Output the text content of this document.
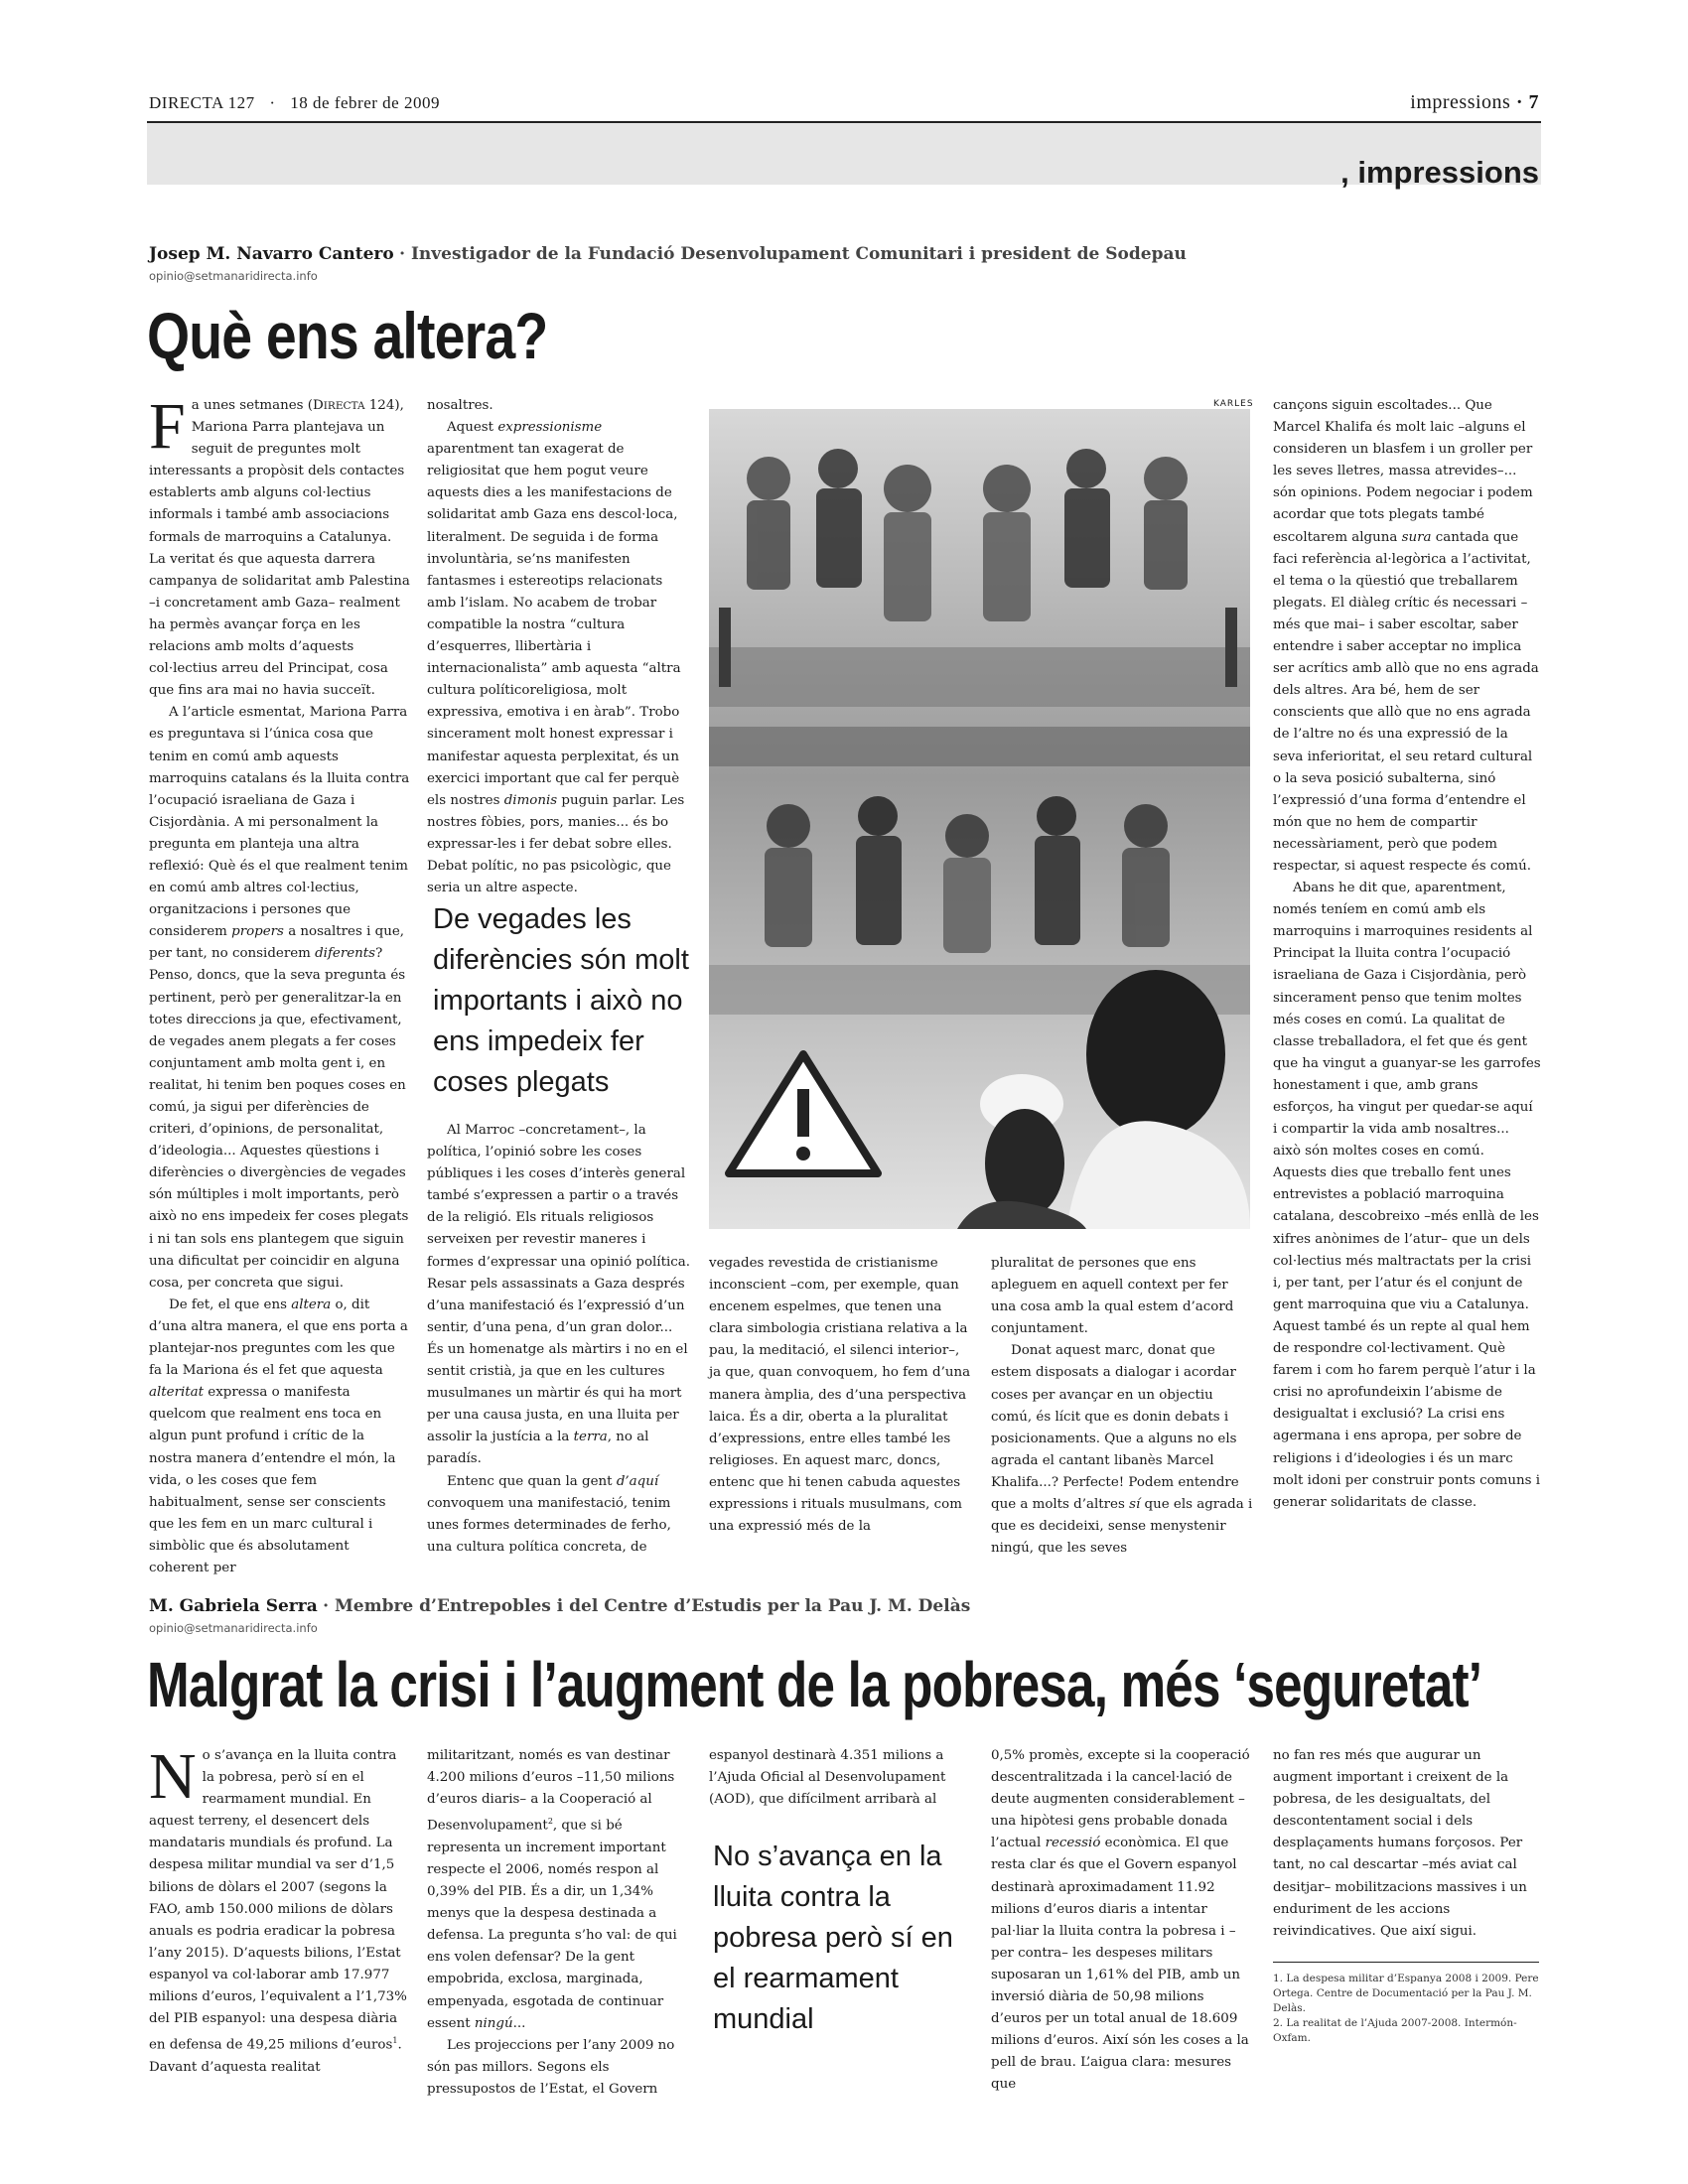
DIRECTA 127 · 18 de febrer de 2009	impressions · 7
, impressions
Josep M. Navarro Cantero · Investigador de la Fundació Desenvolupament Comunitari i president de Sodepau
opinio@setmanaridirecta.info
Què ens altera?

Fa unes setmanes (DIRECTA 124), Mariona Parra plantejava un seguit de preguntes molt interessants a propòsit dels contactes establerts amb alguns col·lectius informals i també amb associacions formals de marroquins a Catalunya. La veritat és que aquesta darrera campanya de solidaritat amb Palestina –i concretament amb Gaza– realment ha permès avançar força en les relacions amb molts d’aquests col·lectius arreu del Principat, cosa que fins ara mai no havia succeït.

A l’article esmentat, Mariona Parra es preguntava si l’única cosa que tenim en comú amb aquests marroquins catalans és la lluita contra l’ocupació israeliana de Gaza i Cisjordània. A mi personalment la pregunta em planteja una altra reflexió: Què és el que realment tenim en comú amb altres col·lectius, organitzacions i persones que considerem propers a nosaltres i que, per tant, no considerem diferents? Penso, doncs, que la seva pregunta és pertinent, però per generalitzar-la en totes direccions ja que, efectivament, de vegades anem plegats a fer coses conjuntament amb molta gent i, en realitat, hi tenim ben poques coses en comú, ja sigui per diferències de criteri, d’opinions, de personalitat, d’ideologia... Aquestes qüestions i diferències o divergències de vegades són múltiples i molt importants, però això no ens impedeix fer coses plegats i ni tan sols ens plantegem que siguin una dificultat per coincidir en alguna cosa, per concreta que sigui.

De fet, el que ens altera o, dit d’una altra manera, el que ens porta a plantejar-nos preguntes com les que fa la Mariona és el fet que aquesta alteritat expressa o manifesta quelcom que realment ens toca en algun punt profund i crític de la nostra manera d’entendre el món, la vida, o les coses que fem habitualment, sense ser conscients que les fem en un marc cultural i simbòlic que és absolutament coherent per

nosaltres.

Aquest expressionisme aparentment tan exagerat de religiositat que hem pogut veure aquests dies a les manifestacions de solidaritat amb Gaza ens descol·loca, literalment. De seguida i de forma involuntària, se’ns manifesten fantasmes i estereotips relacionats amb l’islam. No acabem de trobar compatible la nostra “cultura d’esquerres, llibertària i internacionalista” amb aquesta “altra cultura políticoreligiosa, molt expressiva, emotiva i en àrab”. Trobo sincerament molt honest expressar i manifestar aquesta perplexitat, és un exercici important que cal fer perquè els nostres dimonis puguin parlar. Les nostres fòbies, pors, manies... és bo expressar-les i fer debat sobre elles. Debat polític, no pas psicològic, que seria un altre aspecte.

De vegades les diferències són molt importants i això no ens impedeix fer coses plegats

Al Marroc –concretament–, la política, l’opinió sobre les coses públiques i les coses d’interès general també s’expressen a partir o a través de la religió. Els rituals religiosos serveixen per revestir maneres i formes d’expressar una opinió política. Resar pels assassinats a Gaza després d’una manifestació és l’expressió d’un sentir, d’una pena, d’un gran dolor... És un homenatge als màrtirs i no en el sentit cristià, ja que en les cultures musulmanes un màrtir és qui ha mort per una causa justa, en una lluita per assolir la justícia a la terra, no al paradís.

Entenc que quan la gent d’aquí convoquem una manifestació, tenim unes formes determinades de ferho, una cultura política concreta, de

KARLES

vegades revestida de cristianisme inconscient –com, per exemple, quan encenem espelmes, que tenen una clara simbologia cristiana relativa a la pau, la meditació, el silenci interior–, ja que, quan convoquem, ho fem d’una manera àmplia, des d’una perspectiva laica. És a dir, oberta a la pluralitat d’expressions, entre elles també les religioses. En aquest marc, doncs, entenc que hi tenen cabuda aquestes expressions i rituals musulmans, com una expressió més de la

pluralitat de persones que ens apleguem en aquell context per fer una cosa amb la qual estem d’acord conjuntament.

Donat aquest marc, donat que estem disposats a dialogar i acordar coses per avançar en un objectiu comú, és lícit que es donin debats i posicionaments. Que a alguns no els agrada el cantant libanès Marcel Khalifa...? Perfecte! Podem entendre que a molts d’altres sí que els agrada i que es decideixi, sense menystenir ningú, que les seves

cançons siguin escoltades... Que Marcel Khalifa és molt laic –alguns el consideren un blasfem i un groller per les seves lletres, massa atrevides–... són opinions. Podem negociar i podem acordar que tots plegats també escoltarem alguna sura cantada que faci referència al·legòrica a l’activitat, el tema o la qüestió que treballarem plegats. El diàleg crític és necessari –més que mai– i saber escoltar, saber entendre i saber acceptar no implica ser acrítics amb allò que no ens agrada dels altres. Ara bé, hem de ser conscients que allò que no ens agrada de l’altre no és una expressió de la seva inferioritat, el seu retard cultural o la seva posició subalterna, sinó l’expressió d’una forma d’entendre el món que no hem de compartir necessàriament, però que podem respectar, si aquest respecte és comú.

Abans he dit que, aparentment, només teníem en comú amb els marroquins i marroquines residents al Principat la lluita contra l’ocupació israeliana de Gaza i Cisjordània, però sincerament penso que tenim moltes més coses en comú. La qualitat de classe treballadora, el fet que és gent que ha vingut a guanyar-se les garrofes honestament i que, amb grans esforços, ha vingut per quedar-se aquí i compartir la vida amb nosaltres... això són moltes coses en comú. Aquests dies que treballo fent unes entrevistes a població marroquina catalana, descobreixo –més enllà de les xifres anònimes de l’atur– que un dels col·lectius més maltractats per la crisi i, per tant, per l’atur és el conjunt de gent marroquina que viu a Catalunya. Aquest també és un repte al qual hem de respondre col·lectivament. Què farem i com ho farem perquè l’atur i la crisi no aprofundeixin l’abisme de desigualtat i exclusió? La crisi ens agermana i ens apropa, per sobre de religions i d’ideologies i és un marc molt idoni per construir ponts comuns i generar solidaritats de classe.

M. Gabriela Serra · Membre d’Entrepobles i del Centre d’Estudis per la Pau J. M. Delàs
opinio@setmanaridirecta.info
Malgrat la crisi i l’augment de la pobresa, més ‘seguretat’

No s’avança en la lluita contra la pobresa, però sí en el rearmament mundial. En aquest terreny, el desencert dels mandataris mundials és profund. La despesa militar mundial va ser d’1,5 bilions de dòlars el 2007 (segons la FAO, amb 150.000 milions de dòlars anuals es podria eradicar la pobresa l’any 2015). D’aquests bilions, l’Estat espanyol va col·laborar amb 17.977 milions d’euros, l’equivalent a l’1,73% del PIB espanyol: una despesa diària en defensa de 49,25 milions d’euros$^1$. Davant d’aquesta realitat

militaritzant, només es van destinar 4.200 milions d’euros –11,50 milions d’euros diaris– a la Cooperació al Desenvolupament$^2$, que si bé representa un increment important respecte el 2006, només respon al 0,39% del PIB. És a dir, un 1,34% menys que la despesa destinada a defensa. La pregunta s’ho val: de qui ens volen defensar? De la gent empobrida, exclosa, marginada, empenyada, esgotada de continuar essent ningú...

Les projeccions per l’any 2009 no són pas millors. Segons els pressupostos de l’Estat, el Govern

espanyol destinarà 4.351 milions a l’Ajuda Oficial al Desenvolupament (AOD), que difícilment arribarà al

No s’avança en la lluita contra la pobresa però sí en el rearmament mundial

0,5% promès, excepte si la cooperació descentralitzada i la cancel·lació de deute augmenten considerablement –una hipòtesi gens probable donada l’actual recessió econòmica. El que resta clar és que el Govern espanyol destinarà aproximadament 11.92 milions d’euros diaris a intentar pal·liar la lluita contra la pobresa i –per contra– les despeses militars suposaran un 1,61% del PIB, amb un inversió diària de 50,98 milions d’euros per un total anual de 18.609 milions d’euros. Així són les coses a la pell de brau. L’aigua clara: mesures que

no fan res més que augurar un augment important i creixent de la pobresa, de les desigualtats, del descontentament social i dels desplaçaments humans forçosos. Per tant, no cal descartar –més aviat cal desitjar– mobilitzacions massives i un enduriment de les accions reivindicatives. Que així sigui.

1. La despesa militar d’Espanya 2008 i 2009. Pere Ortega. Centre de Documentació per la Pau J. M. Delàs.
2. La realitat de l’Ajuda 2007-2008. Intermón-Oxfam.
